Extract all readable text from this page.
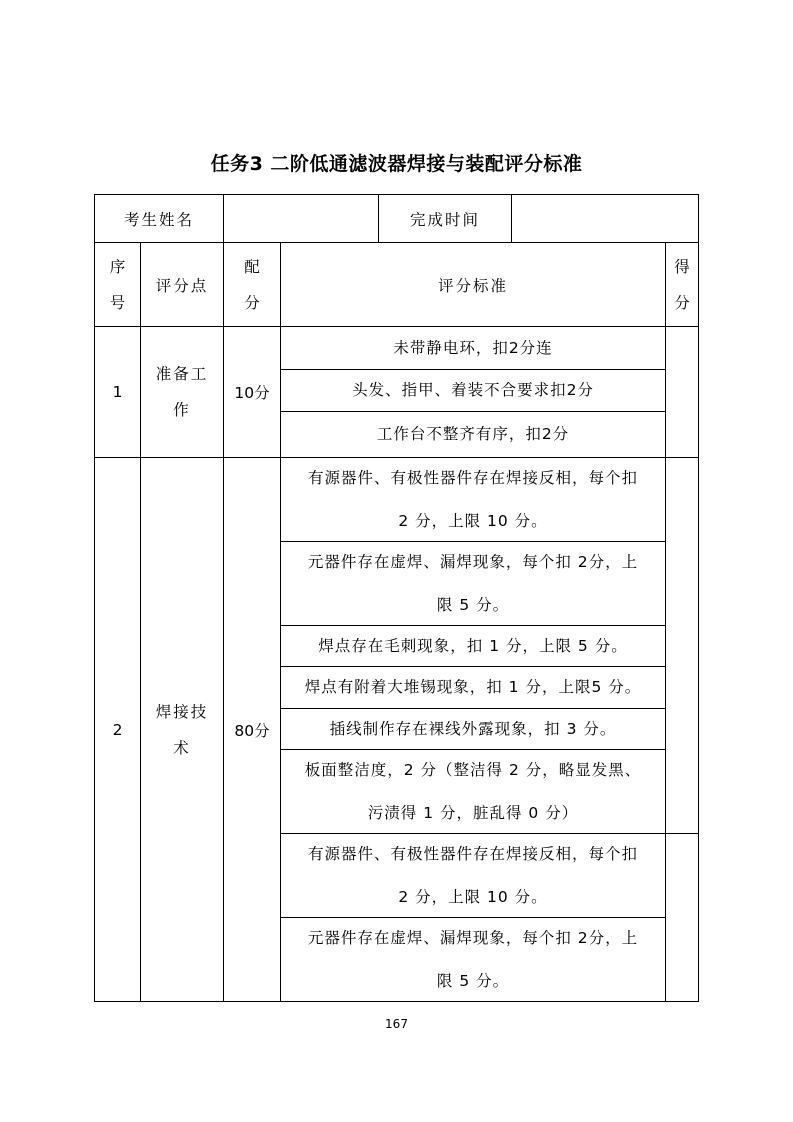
任务3 二阶低通滤波器焊接与装配评分标准
考生姓名	完成时间
序
号
评分点
配
分
评分标准
得
分
1
准备工
作
10分
未带静电环，扣2分连
头发、指甲、着装不合要求扣2分
工作台不整齐有序，扣2分
2
焊接技
术
80分
有源器件、有极性器件存在焊接反相，每个扣
2 分，上限 10 分。
元器件存在虚焊、漏焊现象，每个扣 2分，上
限 5 分。
焊点存在毛刺现象，扣 1 分，上限 5 分。
焊点有附着大堆锡现象，扣 1 分，上限5 分。
插线制作存在裸线外露现象，扣 3 分。
板面整洁度，2 分（整洁得 2 分，略显发黑、
污渍得 1 分，脏乱得 0 分）
有源器件、有极性器件存在焊接反相，每个扣
2 分，上限 10 分。
元器件存在虚焊、漏焊现象，每个扣 2分，上
限 5 分。
167
